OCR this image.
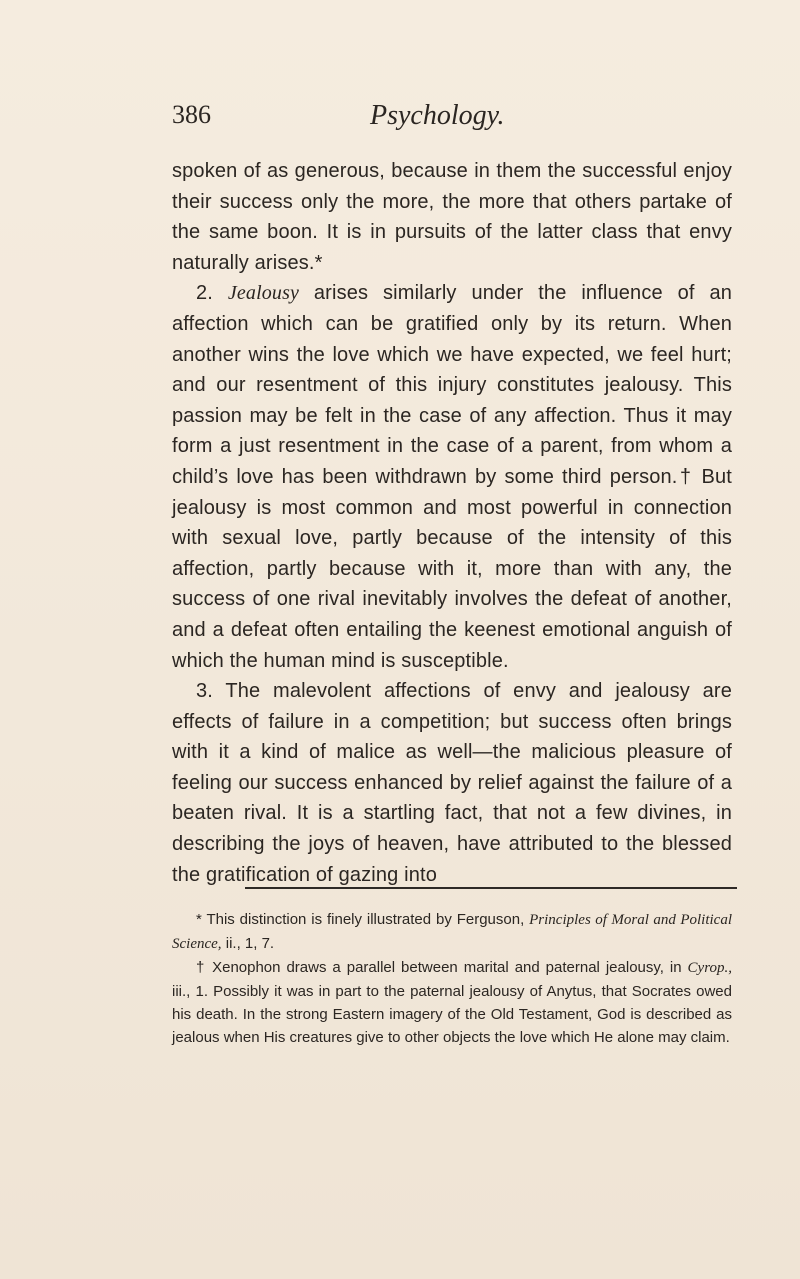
386	Psychology.

spoken of as generous, because in them the successful enjoy their success only the more, the more that others partake of the same boon. It is in pursuits of the latter class that envy naturally arises.*

2. Jealousy arises similarly under the influence of an affection which can be gratified only by its return. When another wins the love which we have expected, we feel hurt; and our resentment of this injury constitutes jealousy. This passion may be felt in the case of any affection. Thus it may form a just resentment in the case of a parent, from whom a child’s love has been withdrawn by some third person.† But jealousy is most common and most powerful in connection with sexual love, partly because of the intensity of this affection, partly because with it, more than with any, the success of one rival inevitably involves the defeat of another, and a defeat often entailing the keenest emotional anguish of which the human mind is susceptible.

3. The malevolent affections of envy and jealousy are effects of failure in a competition; but success often brings with it a kind of malice as well—the malicious pleasure of feeling our success enhanced by relief against the failure of a beaten rival. It is a startling fact, that not a few divines, in describing the joys of heaven, have attributed to the blessed the gratification of gazing into

* This distinction is finely illustrated by Ferguson, Principles of Moral and Political Science, ii., 1, 7.

† Xenophon draws a parallel between marital and paternal jealousy, in Cyrop., iii., 1. Possibly it was in part to the paternal jealousy of Anytus, that Socrates owed his death. In the strong Eastern imagery of the Old Testament, God is described as jealous when His creatures give to other objects the love which He alone may claim.
